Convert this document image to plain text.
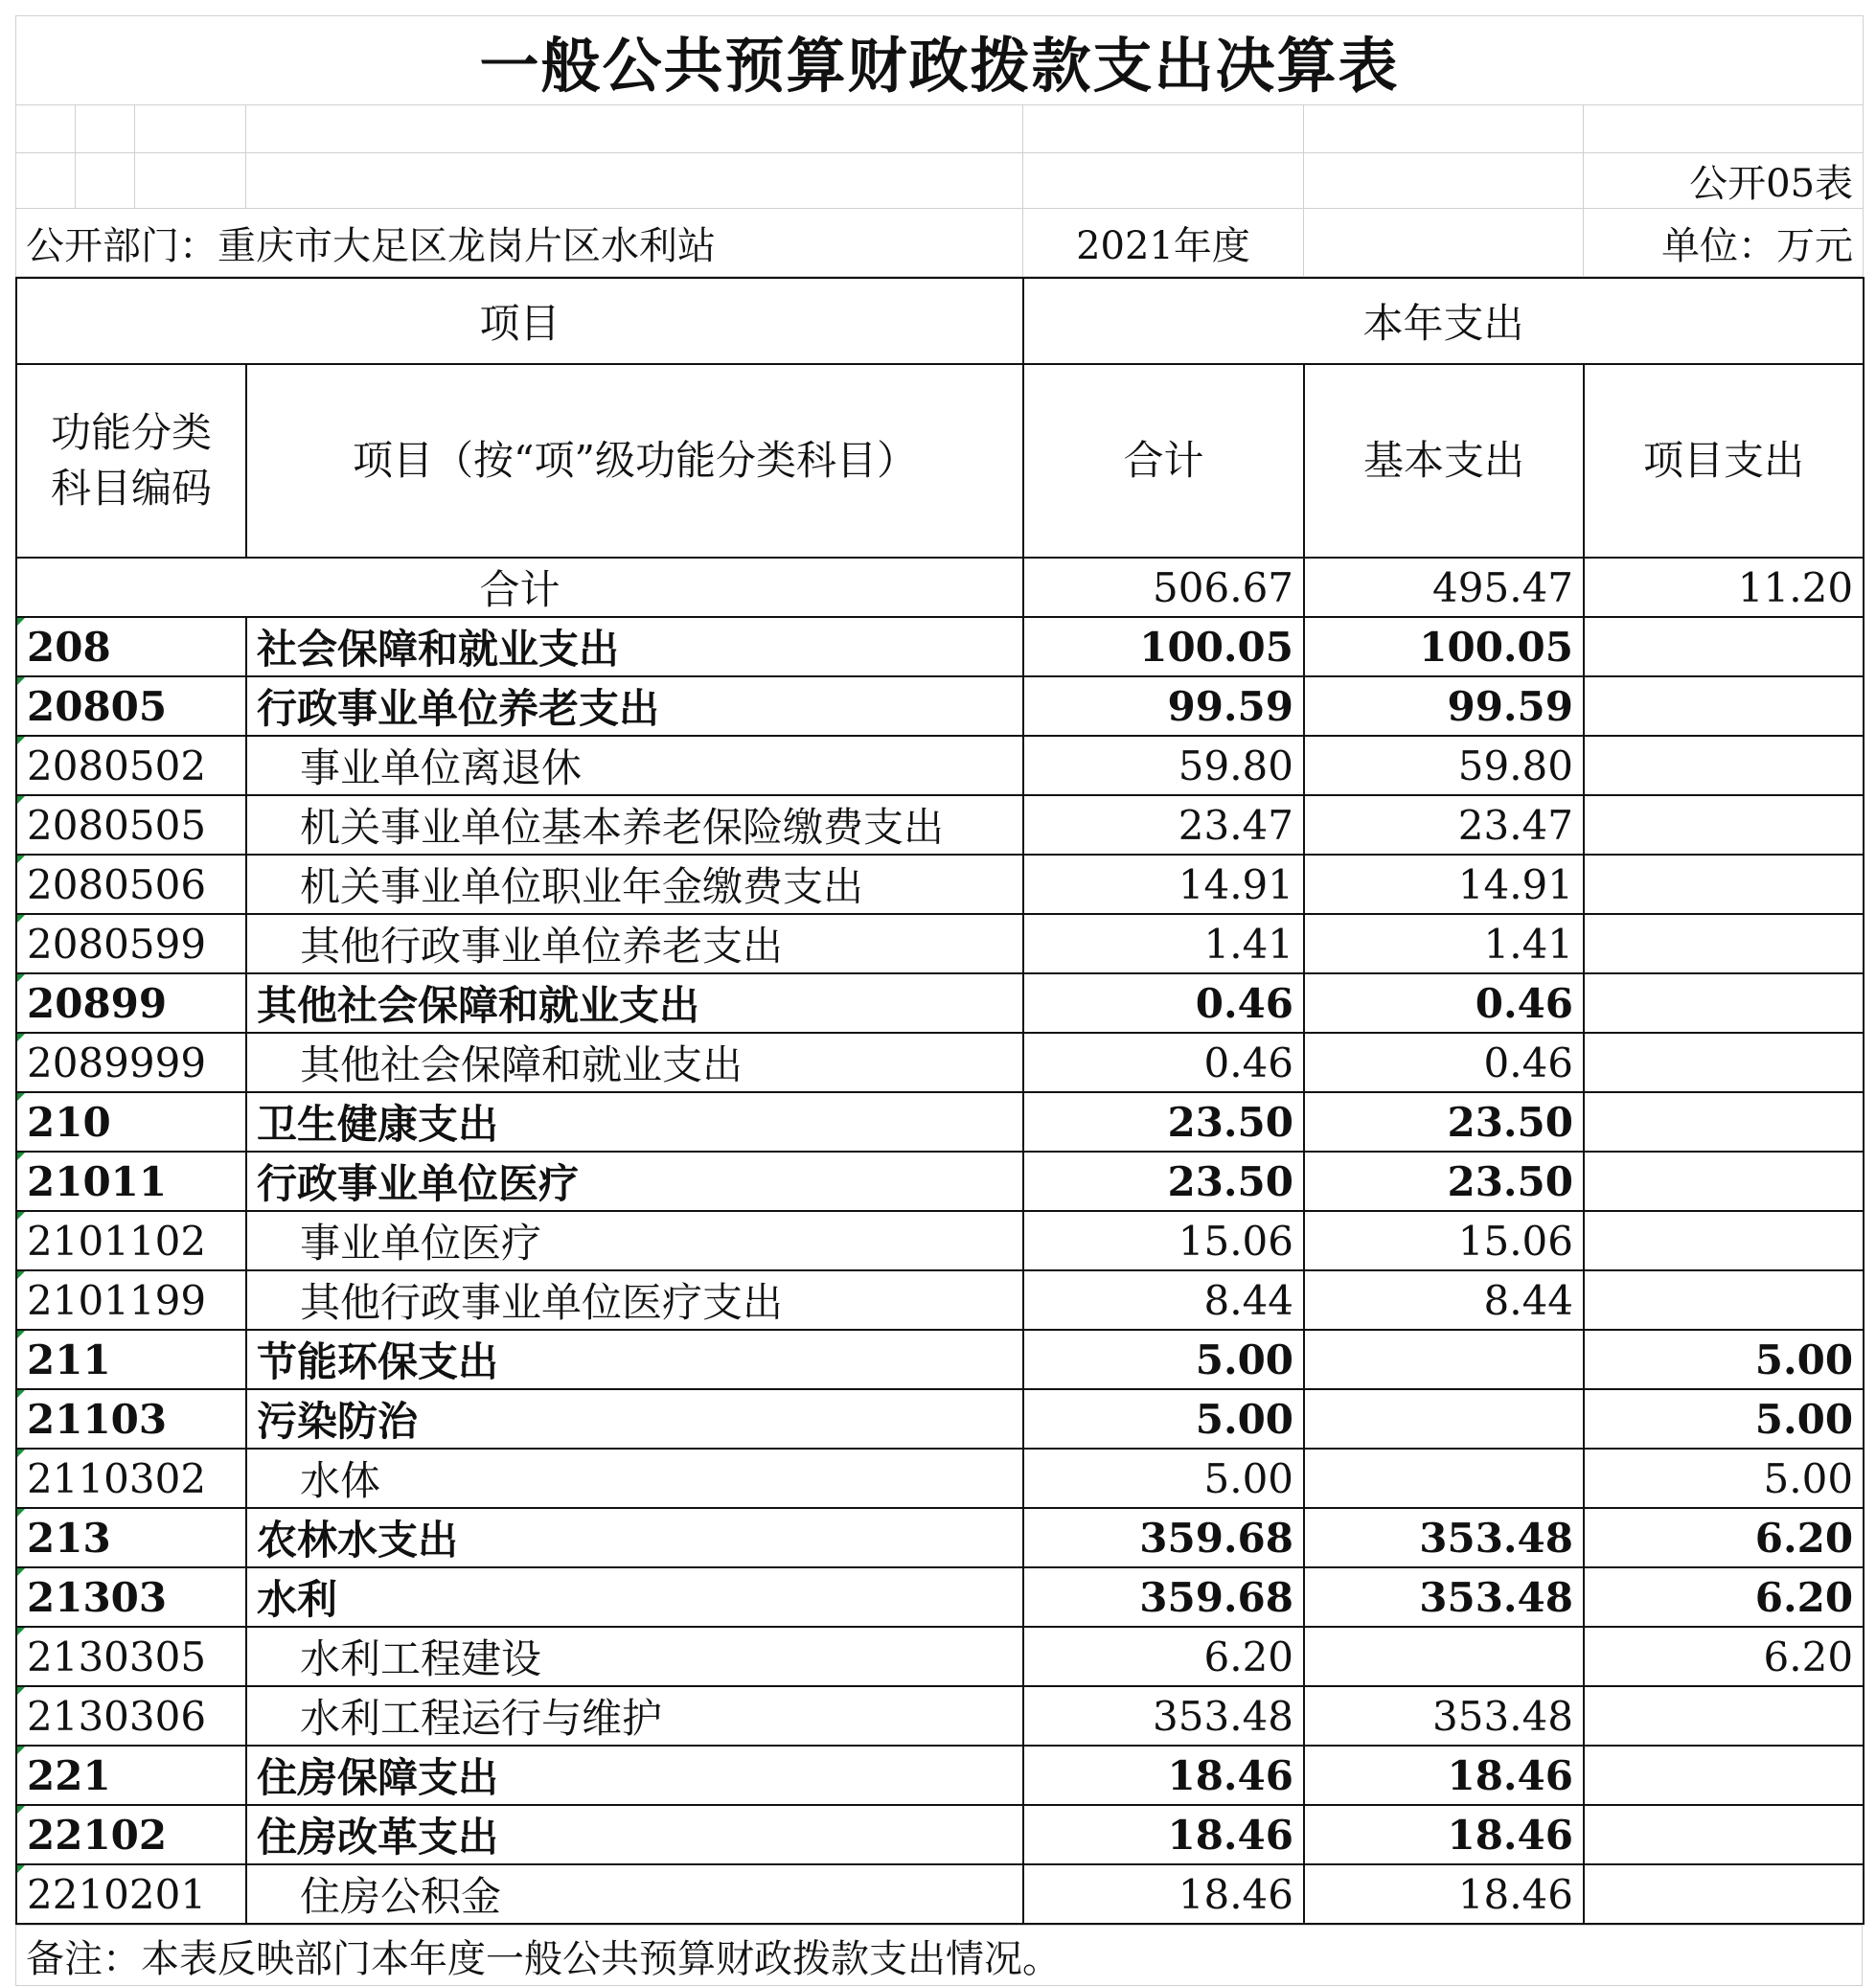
一般公共预算财政拨款支出决算表						

						公开05表
公开部门：重庆市大足区龙岗片区水利站				2021年度		单位：万元
项目		本年支出		
功能分类科目编码	项目（按“项”级功能分类科目）	合计	基本支出	项目支出
合计		506.67	495.47	11.20
208	社会保障和就业支出	100.05	100.05	
20805	行政事业单位养老支出	99.59	99.59	
2080502	事业单位离退休	59.80	59.80	
2080505	机关事业单位基本养老保险缴费支出	23.47	23.47	
2080506	机关事业单位职业年金缴费支出	14.91	14.91	
2080599	其他行政事业单位养老支出	1.41	1.41	
20899	其他社会保障和就业支出	0.46	0.46	
2089999	其他社会保障和就业支出	0.46	0.46	
210	卫生健康支出	23.50	23.50	
21011	行政事业单位医疗	23.50	23.50	
2101102	事业单位医疗	15.06	15.06	
2101199	其他行政事业单位医疗支出	8.44	8.44	
211	节能环保支出	5.00		5.00
21103	污染防治	5.00		5.00
2110302	水体	5.00		5.00
213	农林水支出	359.68	353.48	6.20
21303	水利	359.68	353.48	6.20
2130305	水利工程建设	6.20		6.20
2130306	水利工程运行与维护	353.48	353.48	
221	住房保障支出	18.46	18.46	
22102	住房改革支出	18.46	18.46	
2210201	住房公积金	18.46	18.46	
备注：本表反映部门本年度一般公共预算财政拨款支出情况。
